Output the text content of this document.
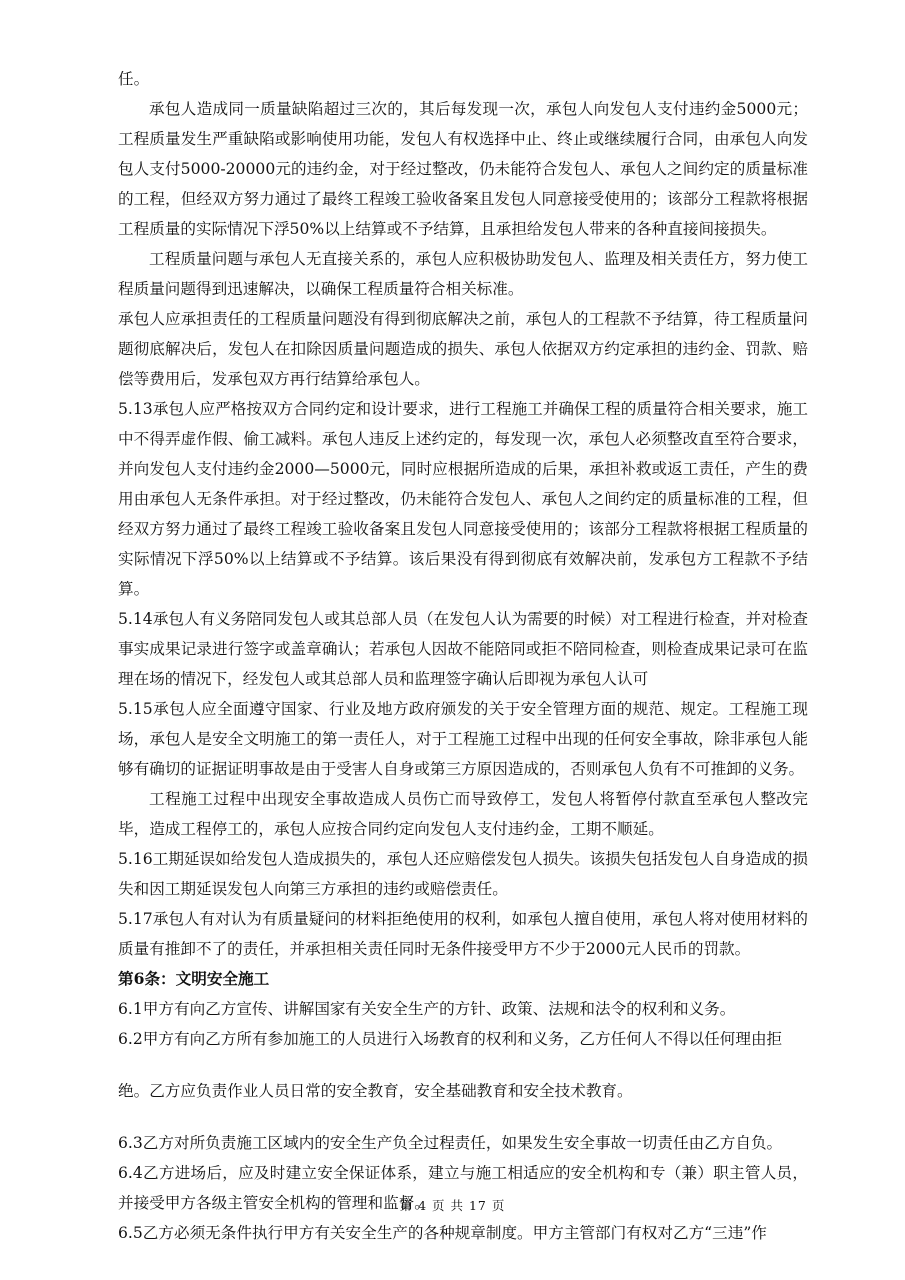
任。

承包人造成同一质量缺陷超过三次的，其后每发现一次，承包人向发包人支付违约金5000元；工程质量发生严重缺陷或影响使用功能，发包人有权选择中止、终止或继续履行合同，由承包人向发包人支付5000-20000元的违约金，对于经过整改，仍未能符合发包人、承包人之间约定的质量标准的工程，但经双方努力通过了最终工程竣工验收备案且发包人同意接受使用的；该部分工程款将根据工程质量的实际情况下浮50%以上结算或不予结算，且承担给发包人带来的各种直接间接损失。

工程质量问题与承包人无直接关系的，承包人应积极协助发包人、监理及相关责任方，努力使工程质量问题得到迅速解决，以确保工程质量符合相关标准。

承包人应承担责任的工程质量问题没有得到彻底解决之前，承包人的工程款不予结算，待工程质量问题彻底解决后，发包人在扣除因质量问题造成的损失、承包人依据双方约定承担的违约金、罚款、赔偿等费用后，发承包双方再行结算给承包人。

5.13承包人应严格按双方合同约定和设计要求，进行工程施工并确保工程的质量符合相关要求，施工中不得弄虚作假、偷工减料。承包人违反上述约定的，每发现一次，承包人必须整改直至符合要求，并向发包人支付违约金2000—5000元，同时应根据所造成的后果，承担补救或返工责任，产生的费用由承包人无条件承担。对于经过整改，仍未能符合发包人、承包人之间约定的质量标准的工程，但经双方努力通过了最终工程竣工验收备案且发包人同意接受使用的；该部分工程款将根据工程质量的实际情况下浮50%以上结算或不予结算。该后果没有得到彻底有效解决前，发承包方工程款不予结算。

5.14承包人有义务陪同发包人或其总部人员（在发包人认为需要的时候）对工程进行检查，并对检查事实成果记录进行签字或盖章确认；若承包人因故不能陪同或拒不陪同检查，则检查成果记录可在监理在场的情况下，经发包人或其总部人员和监理签字确认后即视为承包人认可

5.15承包人应全面遵守国家、行业及地方政府颁发的关于安全管理方面的规范、规定。工程施工现场，承包人是安全文明施工的第一责任人，对于工程施工过程中出现的任何安全事故，除非承包人能够有确切的证据证明事故是由于受害人自身或第三方原因造成的，否则承包人负有不可推卸的义务。

工程施工过程中出现安全事故造成人员伤亡而导致停工，发包人将暂停付款直至承包人整改完毕，造成工程停工的，承包人应按合同约定向发包人支付违约金，工期不顺延。

5.16工期延误如给发包人造成损失的，承包人还应赔偿发包人损失。该损失包括发包人自身造成的损失和因工期延误发包人向第三方承担的违约或赔偿责任。

5.17承包人有对认为有质量疑问的材料拒绝使用的权利，如承包人擅自使用，承包人将对使用材料的质量有推卸不了的责任，并承担相关责任同时无条件接受甲方不少于2000元人民币的罚款。

第6条：文明安全施工

6.1甲方有向乙方宣传、讲解国家有关安全生产的方针、政策、法规和法令的权利和义务。

6.2甲方有向乙方所有参加施工的人员进行入场教育的权利和义务，乙方任何人不得以任何理由拒

绝。乙方应负责作业人员日常的安全教育，安全基础教育和安全技术教育。

6.3乙方对所负责施工区域内的安全生产负全过程责任，如果发生安全事故一切责任由乙方自负。

6.4乙方进场后，应及时建立安全保证体系，建立与施工相适应的安全机构和专（兼）职主管人员，并接受甲方各级主管安全机构的管理和监督。

6.5乙方必须无条件执行甲方有关安全生产的各种规章制度。甲方主管部门有权对乙方“三违”作

第 4 页 共 17 页
